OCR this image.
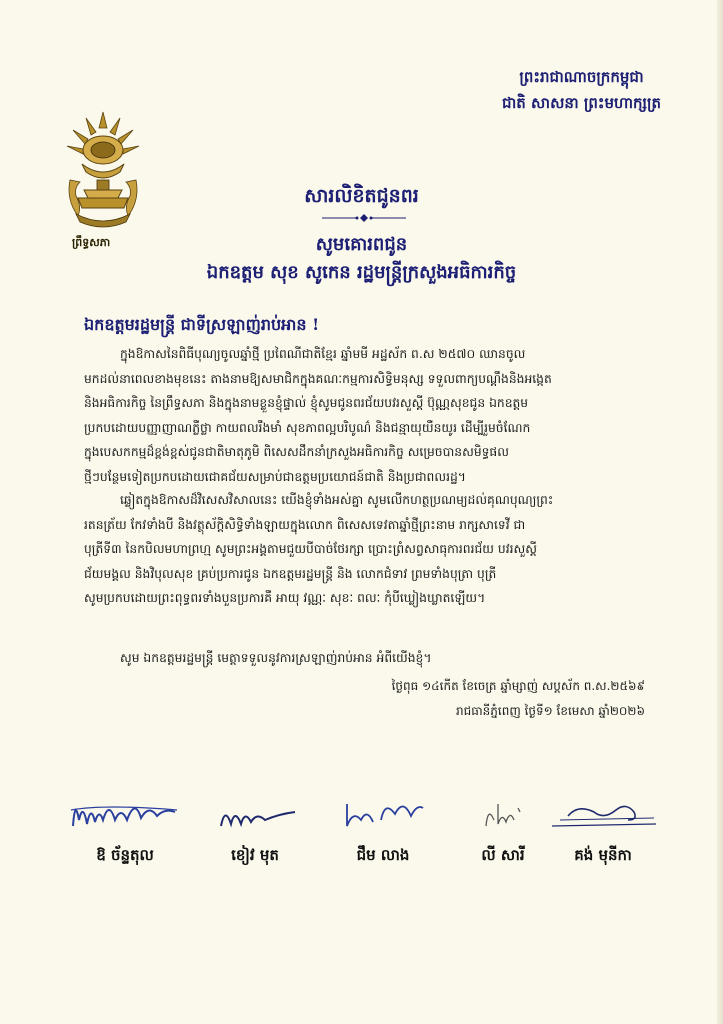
ព្រះរាជាណាចក្រកម្ពុជា
ជាតិ សាសនា ព្រះមហាក្សត្រ
ព្រឹទ្ធសភា
សារលិខិតជូនពរ
សូមគោរពជូន
ឯកឧត្តម សុខ សូកេន រដ្ឋមន្ត្រីក្រសួងអធិការកិច្ច
ឯកឧត្តមរដ្ឋមន្ត្រី ជាទីស្រឡាញ់រាប់អាន !
ក្នុងឱកាសនៃពិធីបុណ្យចូលឆ្នាំថ្មី ប្រពៃណីជាតិខ្មែរ ឆ្នាំមមី អដ្ឋស័ក ព.ស ២៥៧០ ឈានចូល
មកដល់នាពេលខាងមុខនេះ តាងនាមឱ្យសមាជិកក្នុងគណៈកម្មការសិទ្ធិមនុស្ស ទទួលពាក្យបណ្តឹងនិងអង្កេត
និងអធិការកិច្ច នៃព្រឹទ្ធសភា និងក្នុងនាមខ្លួនខ្ញុំផ្ទាល់ ខ្ញុំសូមជូនពរជ័យបវរសួស្តី ប៊ុណ្ណសុខជូន ឯកឧត្តម
ប្រកបដោយបញ្ញាញាណភ្លឺថ្លា កាយពលរឹងមាំ សុខភាពល្អបរិបូណ៌ និងជន្មាយុយឺនយូរ ដើម្បីរួមចំណែក
ក្នុងបេសកកម្មដ៏ខ្ពង់ខ្ពស់ជូនជាតិមាតុភូមិ ពិសេសដឹកនាំក្រសួងអធិការកិច្ច សម្រេចបានសមិទ្ធផល
ថ្មីៗបន្ថែមទៀតប្រកបដោយជោគជ័យសម្រាប់ជាឧត្តមប្រយោជន៍ជាតិ និងប្រជាពលរដ្ឋ។
ឆ្លៀតក្នុងឱកាសដ៏វិសេសវិសាលនេះ យើងខ្ញុំទាំងអស់គ្នា សូមលើកហត្ថប្រណម្យដល់គុណបុណ្យព្រះ
រតនត្រ័យ កែវទាំងបី និងវត្ថុស័ក្តិសិទ្ធិទាំងឡាយក្នុងលោក ពិសេសទេវតាឆ្នាំថ្មីព្រះនាម រាក្សសាទេវី ជា
បុត្រីទី៣ នៃកបិលមហាព្រហ្ម សូមព្រះអង្គតាមជួយបីបាច់ថែរក្សា ប្រោះព្រំសព្វសាធុការពរជ័យ បវរសួស្តី
ជ័យមង្គល និងវិបុលសុខ គ្រប់ប្រការជូន ឯកឧត្តមរដ្ឋមន្ត្រី និង លោកជំទាវ ព្រមទាំងបុត្រា បុត្រី
សូមប្រកបដោយព្រះពុទ្ធពរទាំងបួនប្រការគឺ អាយុ វណ្ណៈ សុខៈ ពលៈ កុំបីឃ្លៀងឃ្លាតឡើយ។
សូម ឯកឧត្តមរដ្ឋមន្ត្រី មេត្តាទទួលនូវការស្រឡាញ់រាប់អាន អំពីយើងខ្ញុំ។
ថ្ងៃពុធ ១៤កើត ខែចេត្រ ឆ្នាំម្សាញ់ សប្តស័ក ព.ស.២៥៦៩
រាជធានីភ្នំពេញ ថ្ងៃទី១ ខែមេសា ឆ្នាំ២០២៦
ឱ ច័ន្ទតុល	ខៀវ មុត	ជឹម លាង	លី សារី	គង់ មុនីកា
